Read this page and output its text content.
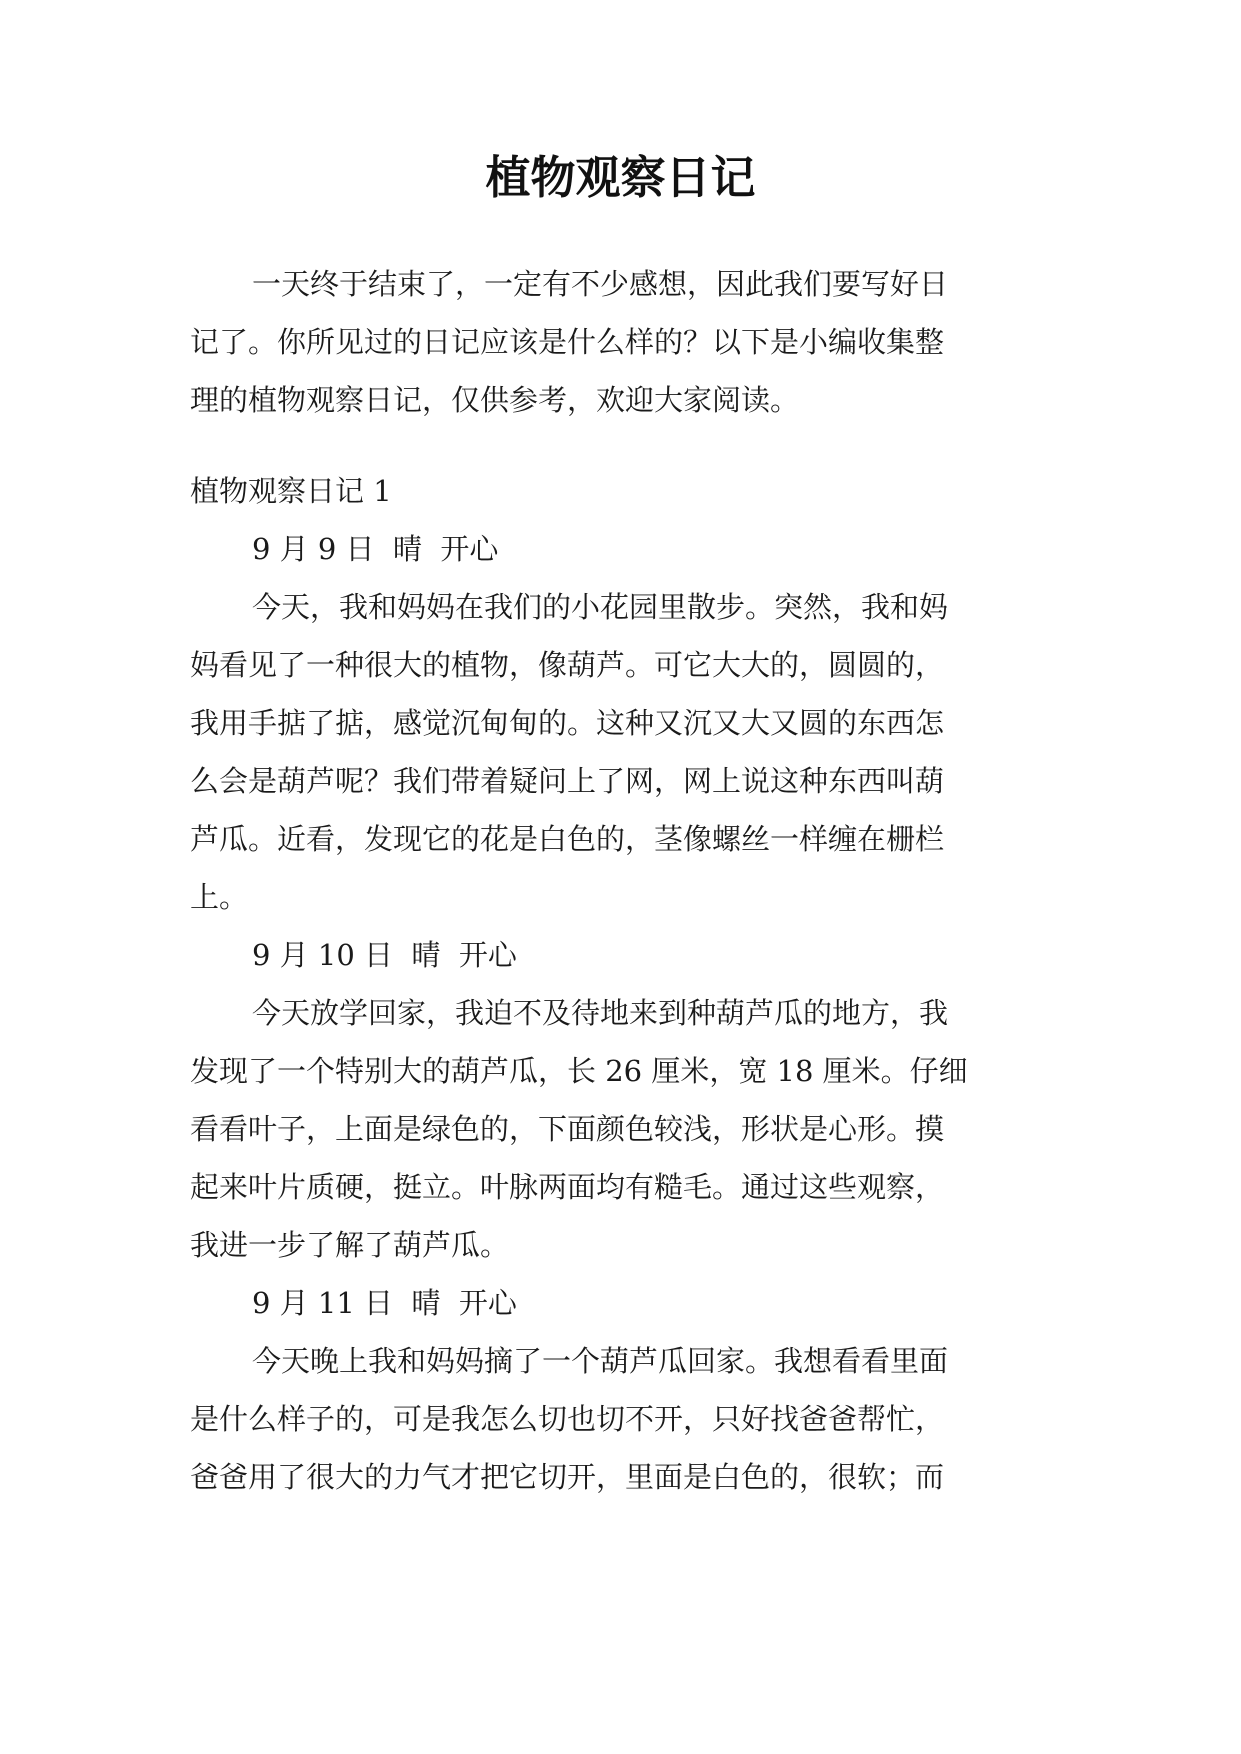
植物观察日记
一天终于结束了，一定有不少感想，因此我们要写好日
记了。你所见过的日记应该是什么样的？以下是小编收集整
理的植物观察日记，仅供参考，欢迎大家阅读。
植物观察日记 1
9 月 9 日  晴  开心
今天，我和妈妈在我们的小花园里散步。突然，我和妈
妈看见了一种很大的植物，像葫芦。可它大大的，圆圆的，
我用手掂了掂，感觉沉甸甸的。这种又沉又大又圆的东西怎
么会是葫芦呢？我们带着疑问上了网，网上说这种东西叫葫
芦瓜。近看，发现它的花是白色的，茎像螺丝一样缠在栅栏
上。
9 月 10 日  晴  开心
今天放学回家，我迫不及待地来到种葫芦瓜的地方，我
发现了一个特别大的葫芦瓜，长 26 厘米，宽 18 厘米。仔细
看看叶子，上面是绿色的，下面颜色较浅，形状是心形。摸
起来叶片质硬，挺立。叶脉两面均有糙毛。通过这些观察，
我进一步了解了葫芦瓜。
9 月 11 日  晴  开心
今天晚上我和妈妈摘了一个葫芦瓜回家。我想看看里面
是什么样子的，可是我怎么切也切不开，只好找爸爸帮忙，
爸爸用了很大的力气才把它切开，里面是白色的，很软；而
